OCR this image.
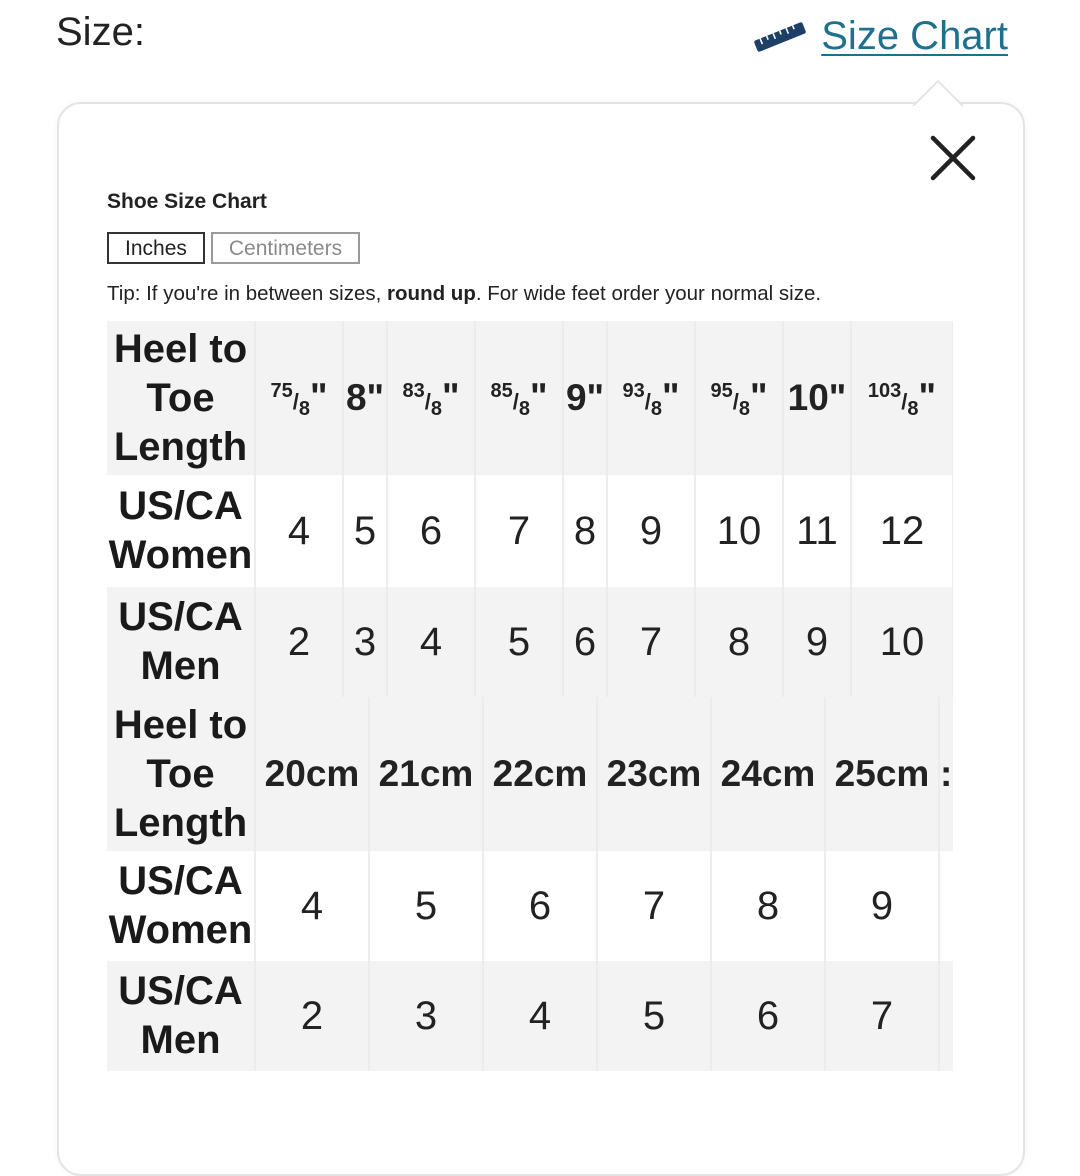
Size:	Size Chart
Shoe Size Chart
Inches	Centimeters
Tip: If you're in between sizes, round up. For wide feet order your normal size.
Heel to Toe Length	$^{75}/_8$"	8"	$^{83}/_8$"	$^{85}/_8$"	9"	$^{93}/_8$"	$^{95}/_8$"	10"	$^{103}/_8$"
US/CA Women	4	5	6	7	8	9	10	11	12
US/CA Men	2	3	4	5	6	7	8	9	10
Heel to Toe Length	20cm	21cm	22cm	23cm	24cm	25cm	:
US/CA Women	4	5	6	7	8	9	
US/CA Men	2	3	4	5	6	7	
